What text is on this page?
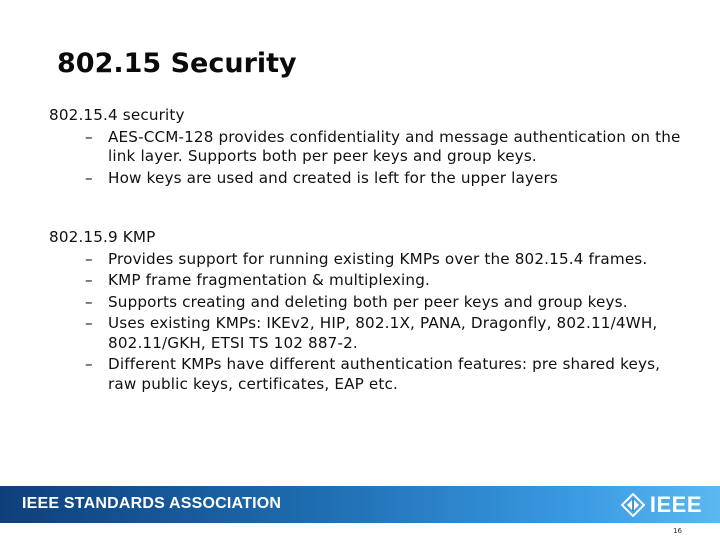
802.15 Security
802.15.4 security
– AES-CCM-128 provides confidentiality and message authentication on the link layer. Supports both per peer keys and group keys.
– How keys are used and created is left for the upper layers
802.15.9 KMP
– Provides support for running existing KMPs over the 802.15.4 frames.
– KMP frame fragmentation & multiplexing.
– Supports creating and deleting both per peer keys and group keys.
– Uses existing KMPs: IKEv2, HIP, 802.1X, PANA, Dragonfly, 802.11/4WH, 802.11/GKH, ETSI TS 102 887-2.
– Different KMPs have different authentication features: pre shared keys, raw public keys, certificates, EAP etc.
IEEE STANDARDS ASSOCIATION	IEEE
16
